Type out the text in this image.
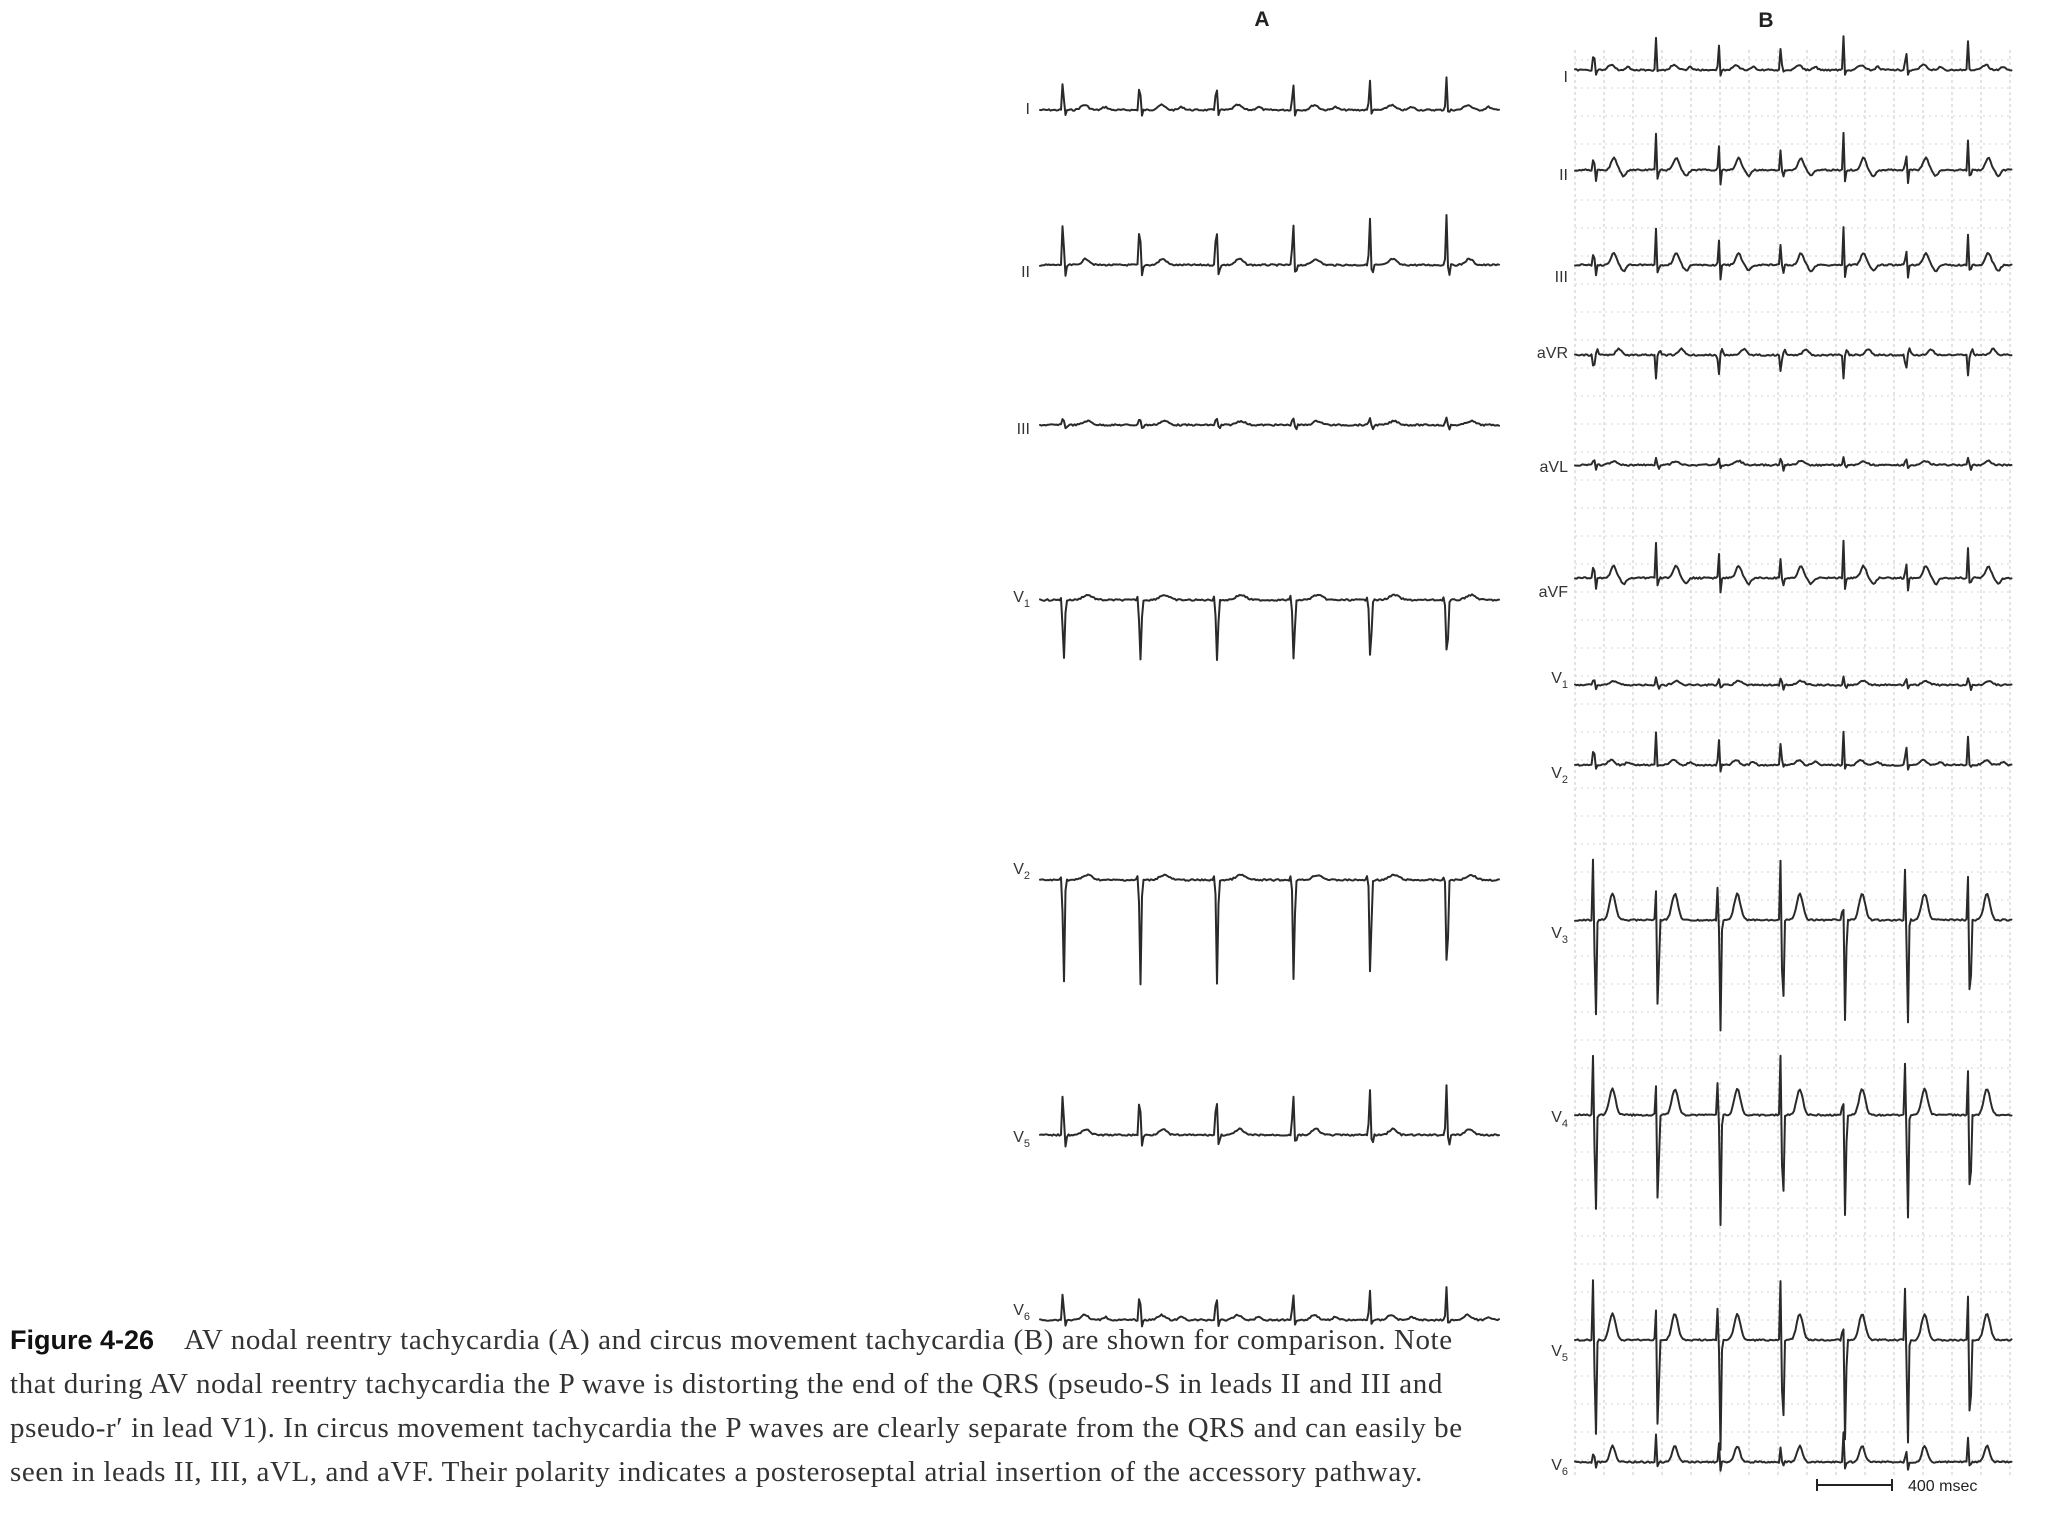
A	B
400 msec
I
II
III
$V_1$
$V_2$
$V_5$
$V_6$
I
II
III
aVR
aVL
aVF
$V_1$
$V_2$
$V_3$
$V_4$
$V_5$
$V_6$
Figure 4-26 AV nodal reentry tachycardia (A) and circus movement tachycardia (B) are shown for comparison. Note that during AV nodal reentry tachycardia the P wave is distorting the end of the QRS (pseudo-S in leads II and III and pseudo-r′ in lead V1). In circus movement tachycardia the P waves are clearly separate from the QRS and can easily be seen in leads II, III, aVL, and aVF. Their polarity indicates a posteroseptal atrial insertion of the accessory pathway.
